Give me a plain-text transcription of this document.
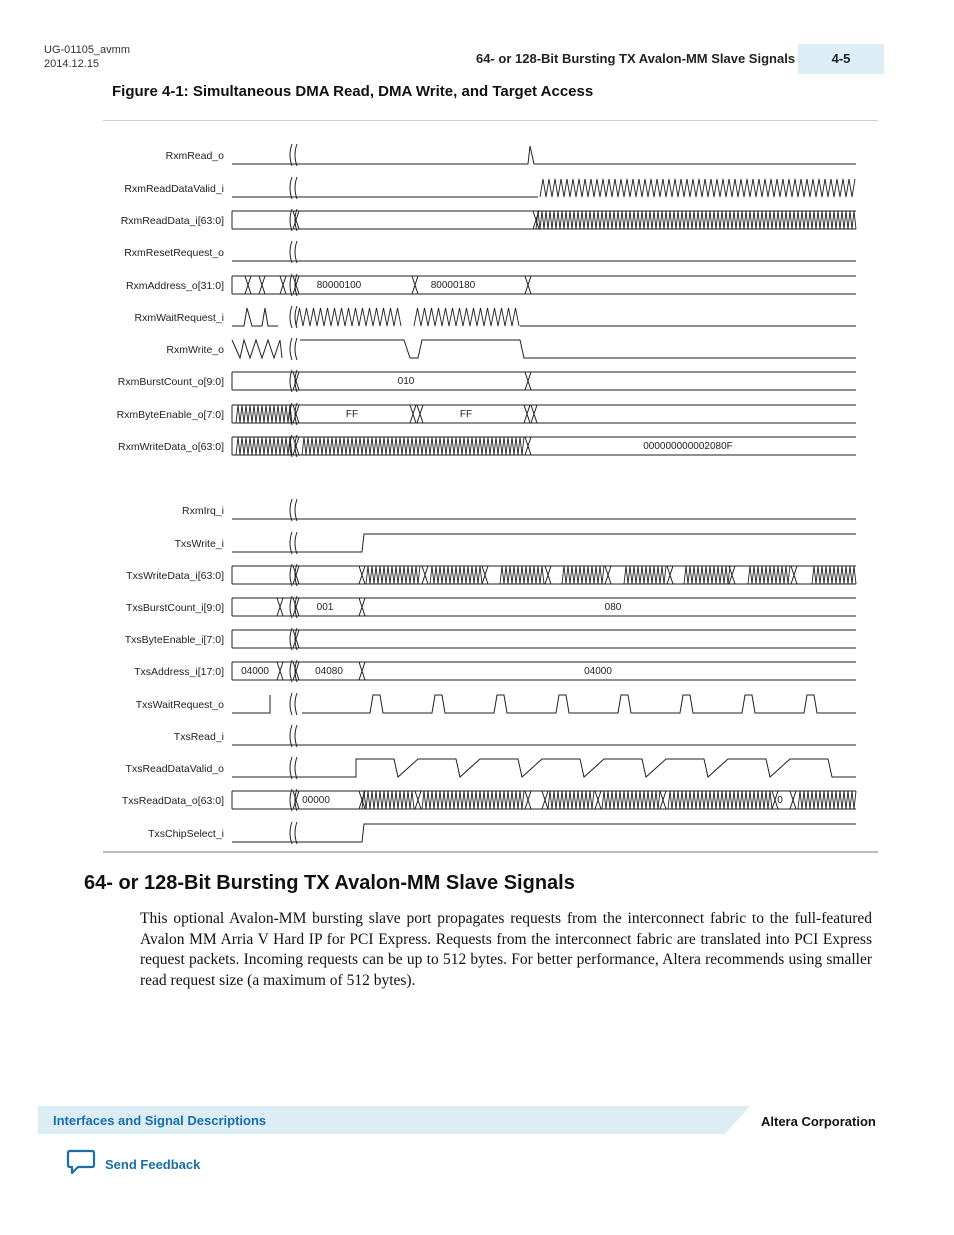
UG-01105_avmm
2014.12.15	64- or 128-Bit Bursting TX Avalon-MM Slave Signals	4-5
Figure 4-1: Simultaneous DMA Read, DMA Write, and Target Access
RxmRead_o
RxmReadDataValid_i
RxmReadData_i[63:0]
RxmResetRequest_o
RxmAddress_o[31:0]	80000100	80000180
RxmWaitRequest_i
RxmWrite_o
RxmBurstCount_o[9:0]	010
RxmByteEnable_o[7:0]	FF	FF
RxmWriteData_o[63:0]	000000000002080F
RxmIrq_i
TxsWrite_i
TxsWriteData_i[63:0]
TxsBurstCount_i[9:0]	001	080
TxsByteEnable_i[7:0]
TxsAddress_i[17:0] 04000	04080	04000
TxsWaitRequest_o
TxsRead_i
TxsReadDataValid_o
TxsReadData_o[63:0]	00000	0
TxsChipSelect_i
64- or 128-Bit Bursting TX Avalon-MM Slave Signals

This optional Avalon-MM bursting slave port propagates requests from the interconnect fabric to the full-featured Avalon MM Arria V Hard IP for PCI Express. Requests from the interconnect fabric are translated into PCI Express request packets. Incoming requests can be up to 512 bytes. For better performance, Altera recommends using smaller read request size (a maximum of 512 bytes).

Interfaces and Signal Descriptions	Altera Corporation
Send Feedback
